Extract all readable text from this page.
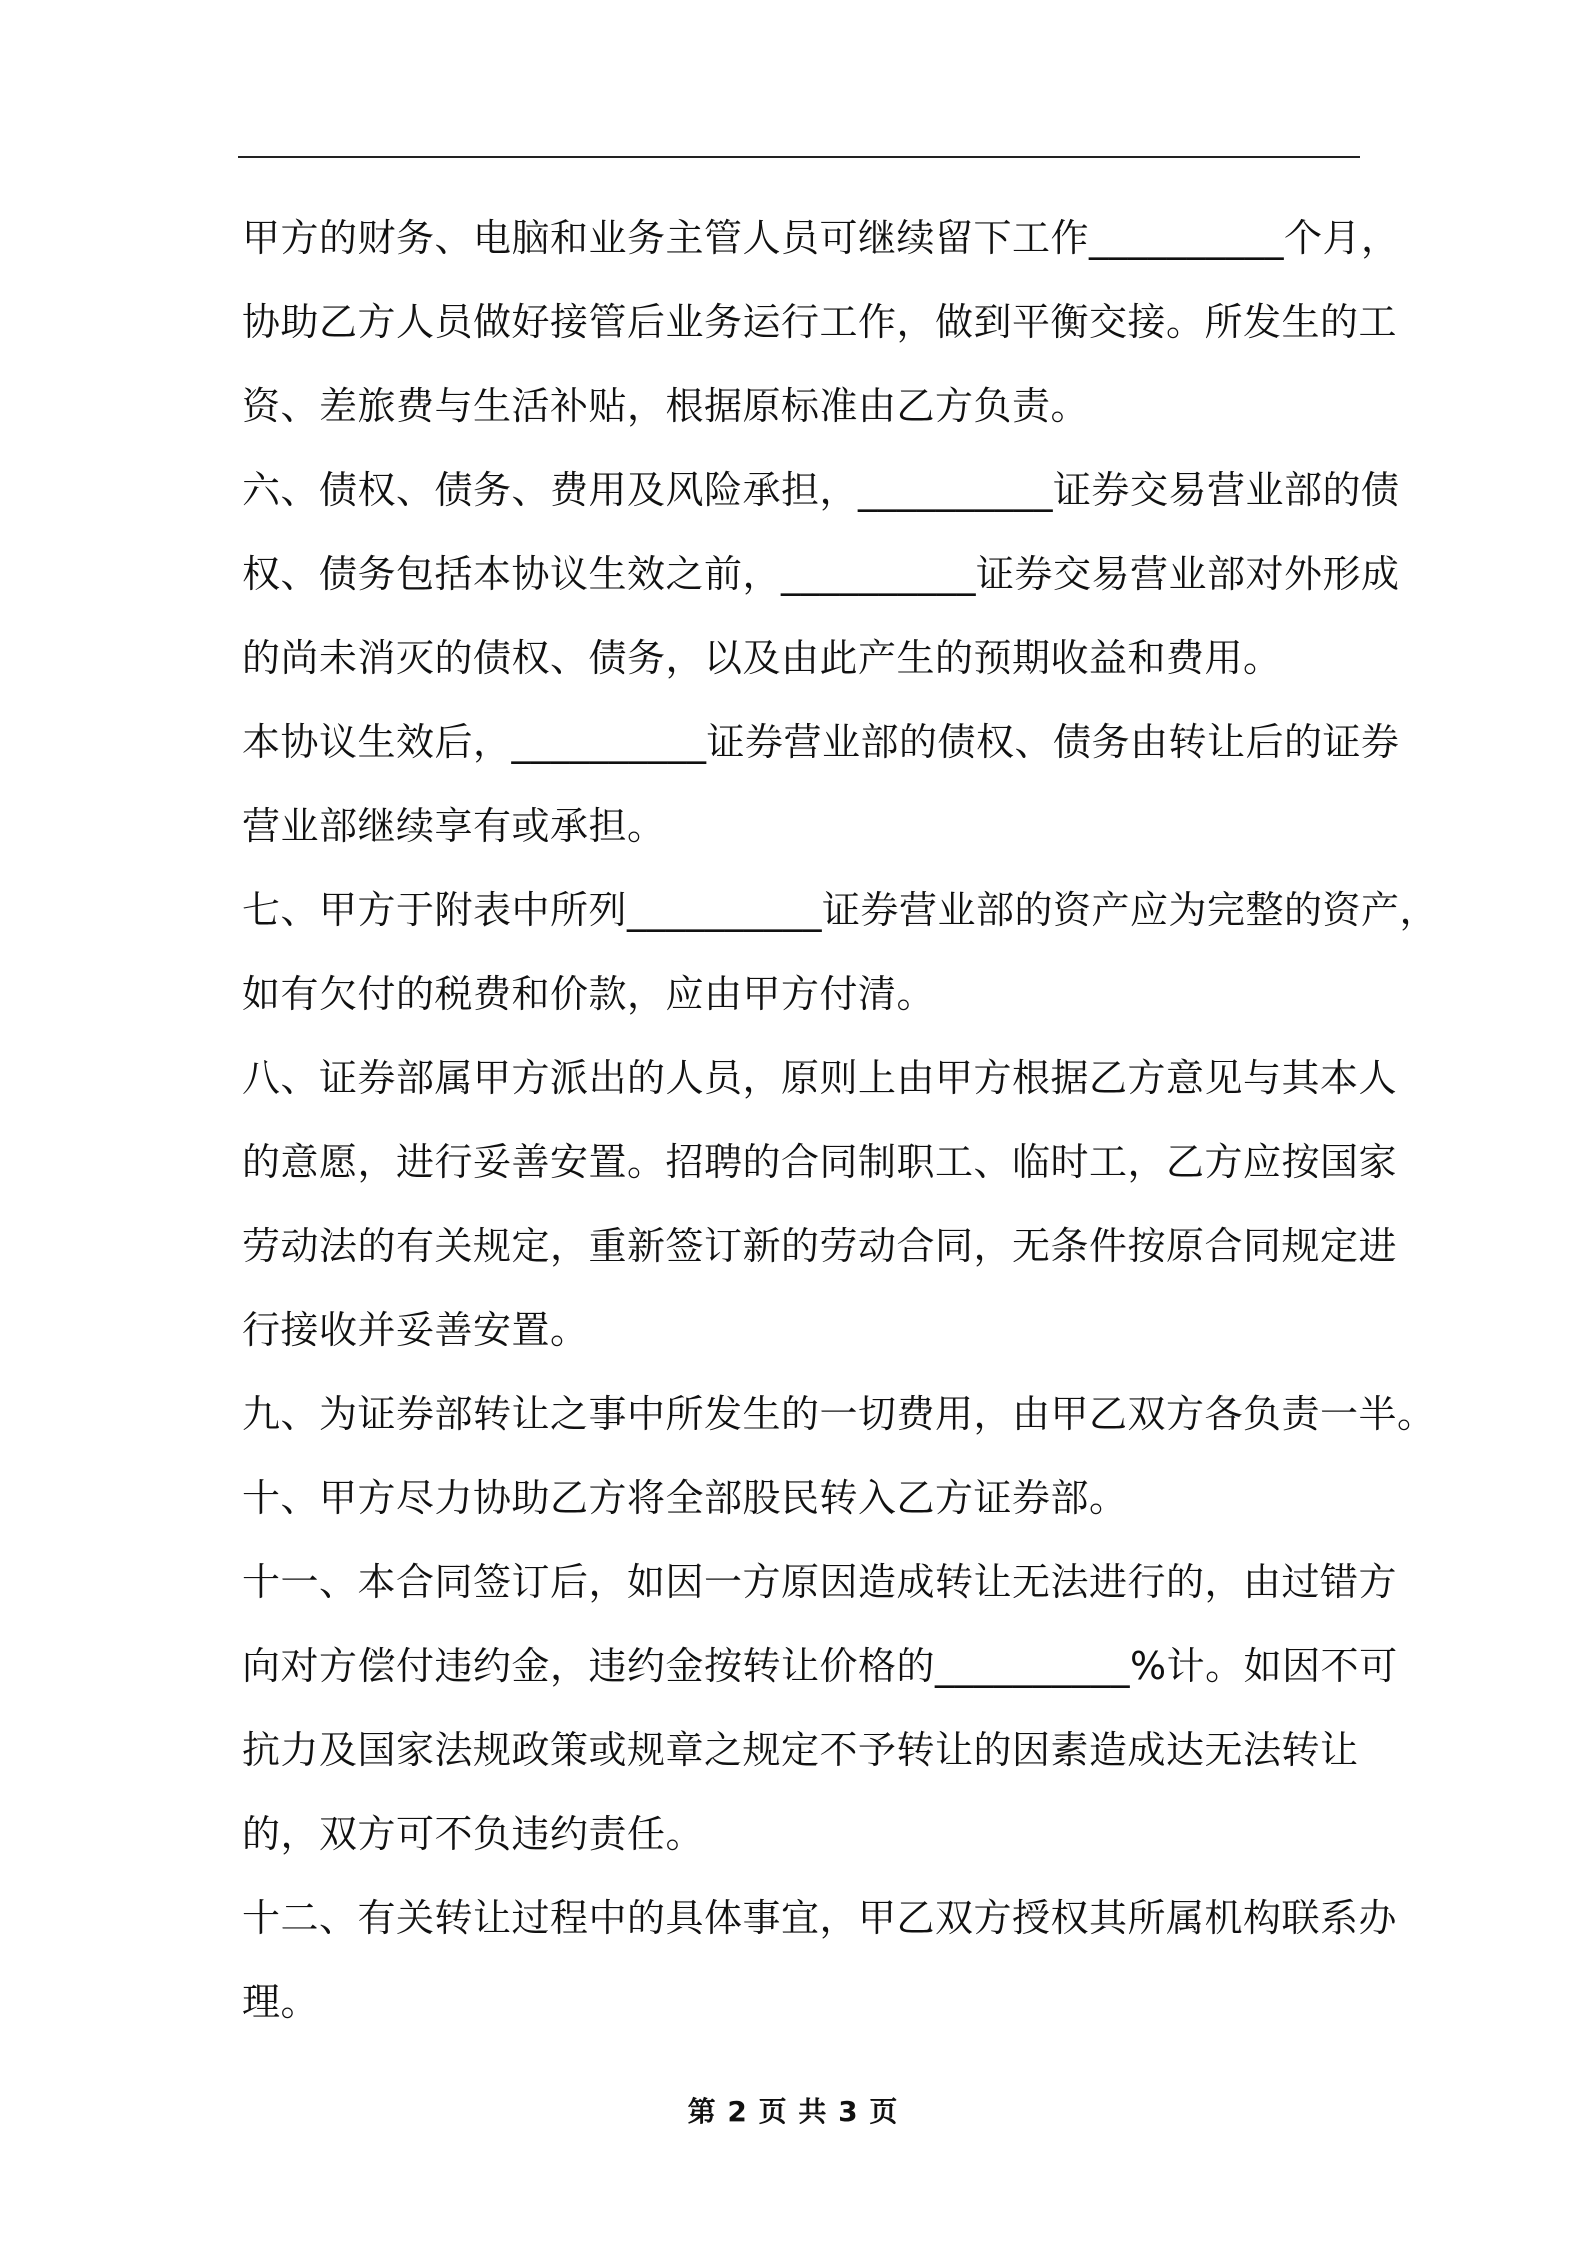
甲方的财务、电脑和业务主管人员可继续留下工作__________个月，
协助乙方人员做好接管后业务运行工作，做到平衡交接。所发生的工
资、差旅费与生活补贴，根据原标准由乙方负责。
六、债权、债务、费用及风险承担，__________证券交易营业部的债
权、债务包括本协议生效之前，__________证券交易营业部对外形成
的尚未消灭的债权、债务，以及由此产生的预期收益和费用。
本协议生效后，__________证券营业部的债权、债务由转让后的证券
营业部继续享有或承担。
七、甲方于附表中所列__________证券营业部的资产应为完整的资产，
如有欠付的税费和价款，应由甲方付清。
八、证券部属甲方派出的人员，原则上由甲方根据乙方意见与其本人
的意愿，进行妥善安置。招聘的合同制职工、临时工，乙方应按国家
劳动法的有关规定，重新签订新的劳动合同，无条件按原合同规定进
行接收并妥善安置。
九、为证券部转让之事中所发生的一切费用，由甲乙双方各负责一半。
十、甲方尽力协助乙方将全部股民转入乙方证券部。
十一、本合同签订后，如因一方原因造成转让无法进行的，由过错方
向对方偿付违约金，违约金按转让价格的__________%计。如因不可
抗力及国家法规政策或规章之规定不予转让的因素造成达无法转让
的，双方可不负违约责任。
十二、有关转让过程中的具体事宜，甲乙双方授权其所属机构联系办
理。
第 2 页 共 3 页
